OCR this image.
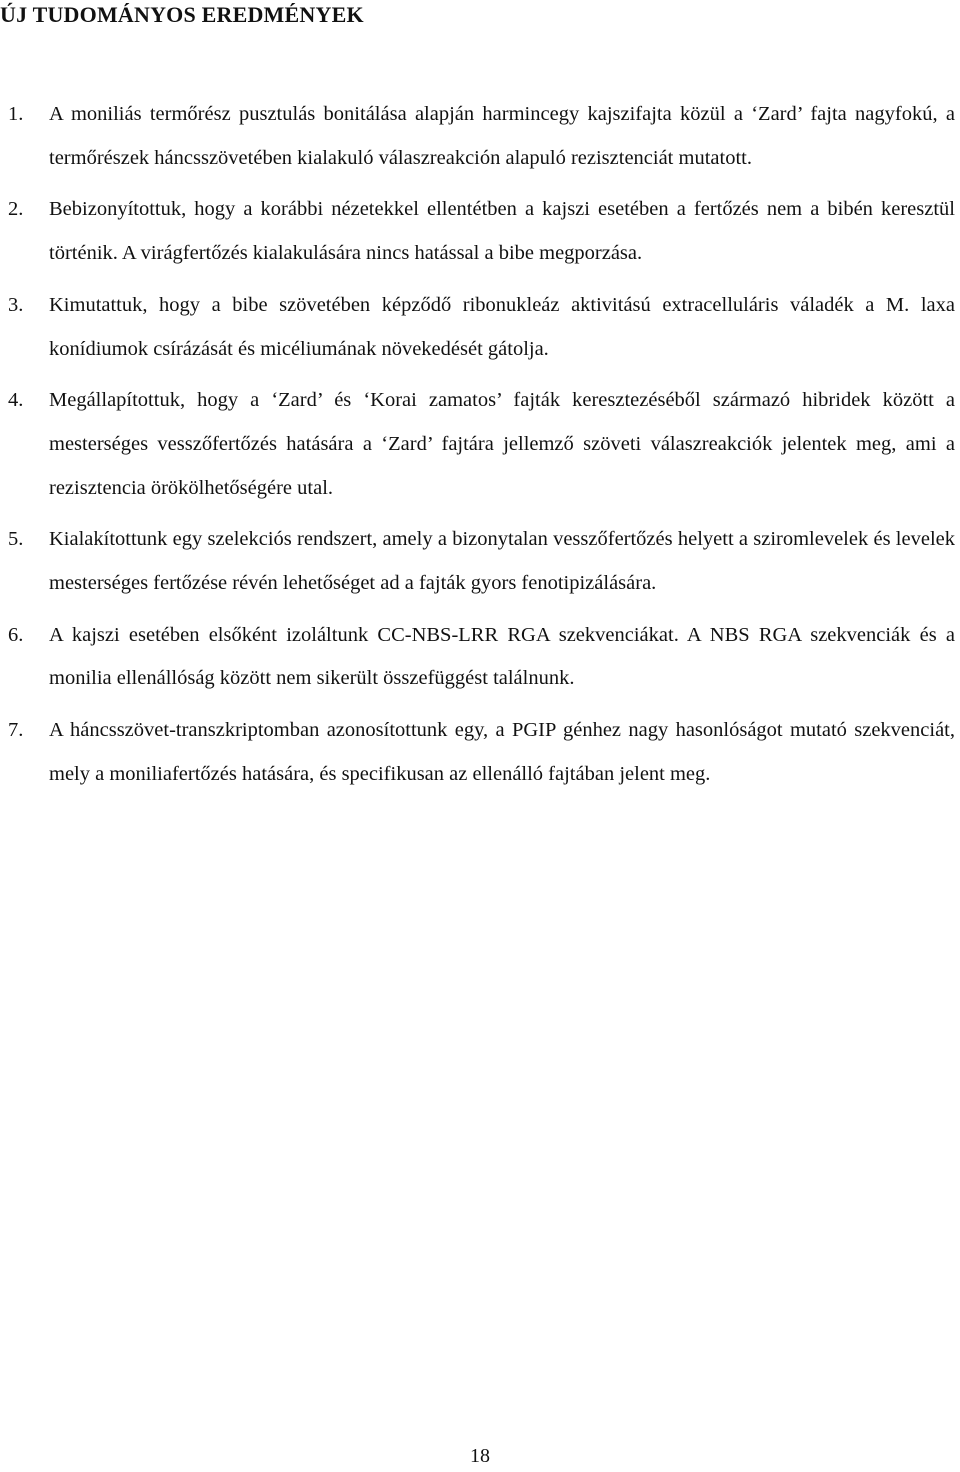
ÚJ TUDOMÁNYOS EREDMÉNYEK
1. A moniliás termőrész pusztulás bonitálása alapján harmincegy kajszifajta közül a ‘Zard’ fajta nagyfokú, a termőrészek háncsszövetében kialakuló válaszreakción alapuló rezisztenciát mutatott.
2. Bebizonyítottuk, hogy a korábbi nézetekkel ellentétben a kajszi esetében a fertőzés nem a bibén keresztül történik. A virágfertőzés kialakulására nincs hatással a bibe megporzása.
3. Kimutattuk, hogy a bibe szövetében képződő ribonukleáz aktivitású extracelluláris váladék a M. laxa konídiumok csírázását és micéliumának növekedését gátolja.
4. Megállapítottuk, hogy a ‘Zard’ és ‘Korai zamatos’ fajták keresztezéséből származó hibridek között a mesterséges vesszőfertőzés hatására a ‘Zard’ fajtára jellemző szöveti válaszreakciók jelentek meg, ami a rezisztencia örökölhetőségére utal.
5. Kialakítottunk egy szelekciós rendszert, amely a bizonytalan vesszőfertőzés helyett a sziromlevelek és levelek mesterséges fertőzése révén lehetőséget ad a fajták gyors fenotipizálására.
6. A kajszi esetében elsőként izoláltunk CC-NBS-LRR RGA szekvenciákat. A NBS RGA szekvenciák és a monilia ellenállóság között nem sikerült összefüggést találnunk.
7. A háncsszövet-transzkriptomban azonosítottunk egy, a PGIP génhez nagy hasonlóságot mutató szekvenciát, mely a moniliafertőzés hatására, és specifikusan az ellenálló fajtában jelent meg.
18
